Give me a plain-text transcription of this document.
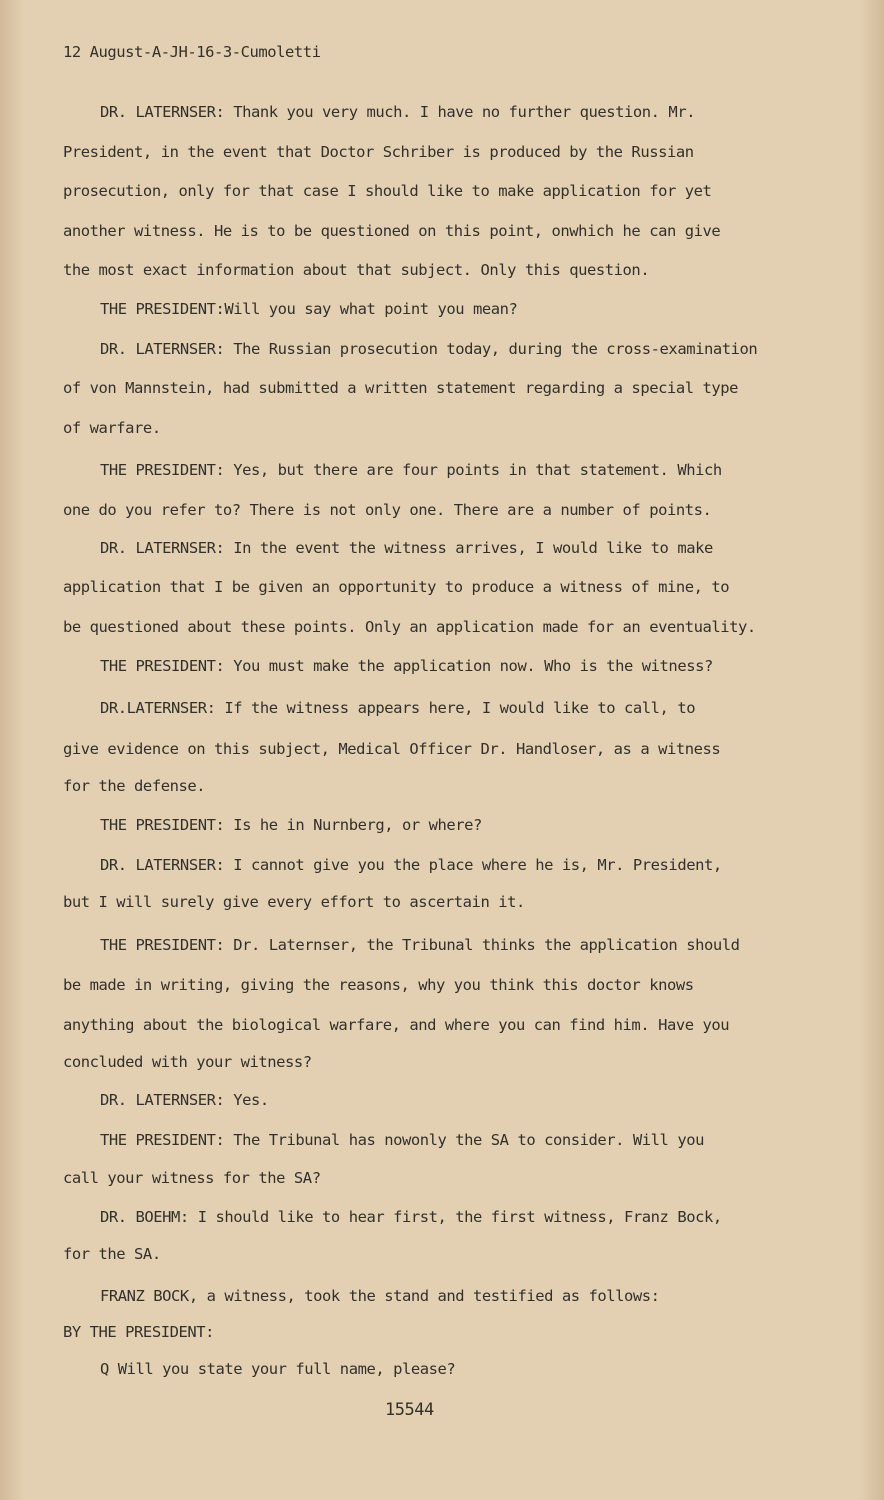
12 August-A-JH-16-3-Cumoletti
DR. LATERNSER: Thank you very much. I have no further question. Mr.
President, in the event that Doctor Schriber is produced by the Russian
prosecution, only for that case I should like to make application for yet
another witness. He is to be questioned on this point, onwhich he can give
the most exact information about that subject. Only this question.
THE PRESIDENT:Will you say what point you mean?
DR. LATERNSER: The Russian prosecution today, during the cross-examination
of von Mannstein, had submitted a written statement regarding a special type
of warfare.
THE PRESIDENT: Yes, but there are four points in that statement. Which
one do you refer to? There is not only one. There are a number of points.
DR. LATERNSER: In the event the witness arrives, I would like to make
application that I be given an opportunity to produce a witness of mine, to
be questioned about these points. Only an application made for an eventuality.
THE PRESIDENT: You must make the application now. Who is the witness?
DR.LATERNSER: If the witness appears here, I would like to call, to
give evidence on this subject, Medical Officer Dr. Handloser, as a witness
for the defense.
THE PRESIDENT: Is he in Nurnberg, or where?
DR. LATERNSER: I cannot give you the place where he is, Mr. President,
but I will surely give every effort to ascertain it.
THE PRESIDENT: Dr. Laternser, the Tribunal thinks the application should
be made in writing, giving the reasons, why you think this doctor knows
anything about the biological warfare, and where you can find him. Have you
concluded with your witness?
DR. LATERNSER: Yes.
THE PRESIDENT: The Tribunal has nowonly the SA to consider. Will you
call your witness for the SA?
DR. BOEHM: I should like to hear first, the first witness, Franz Bock,
for the SA.
FRANZ BOCK, a witness, took the stand and testified as follows:
BY THE PRESIDENT:
Q Will you state your full name, please?
15544
